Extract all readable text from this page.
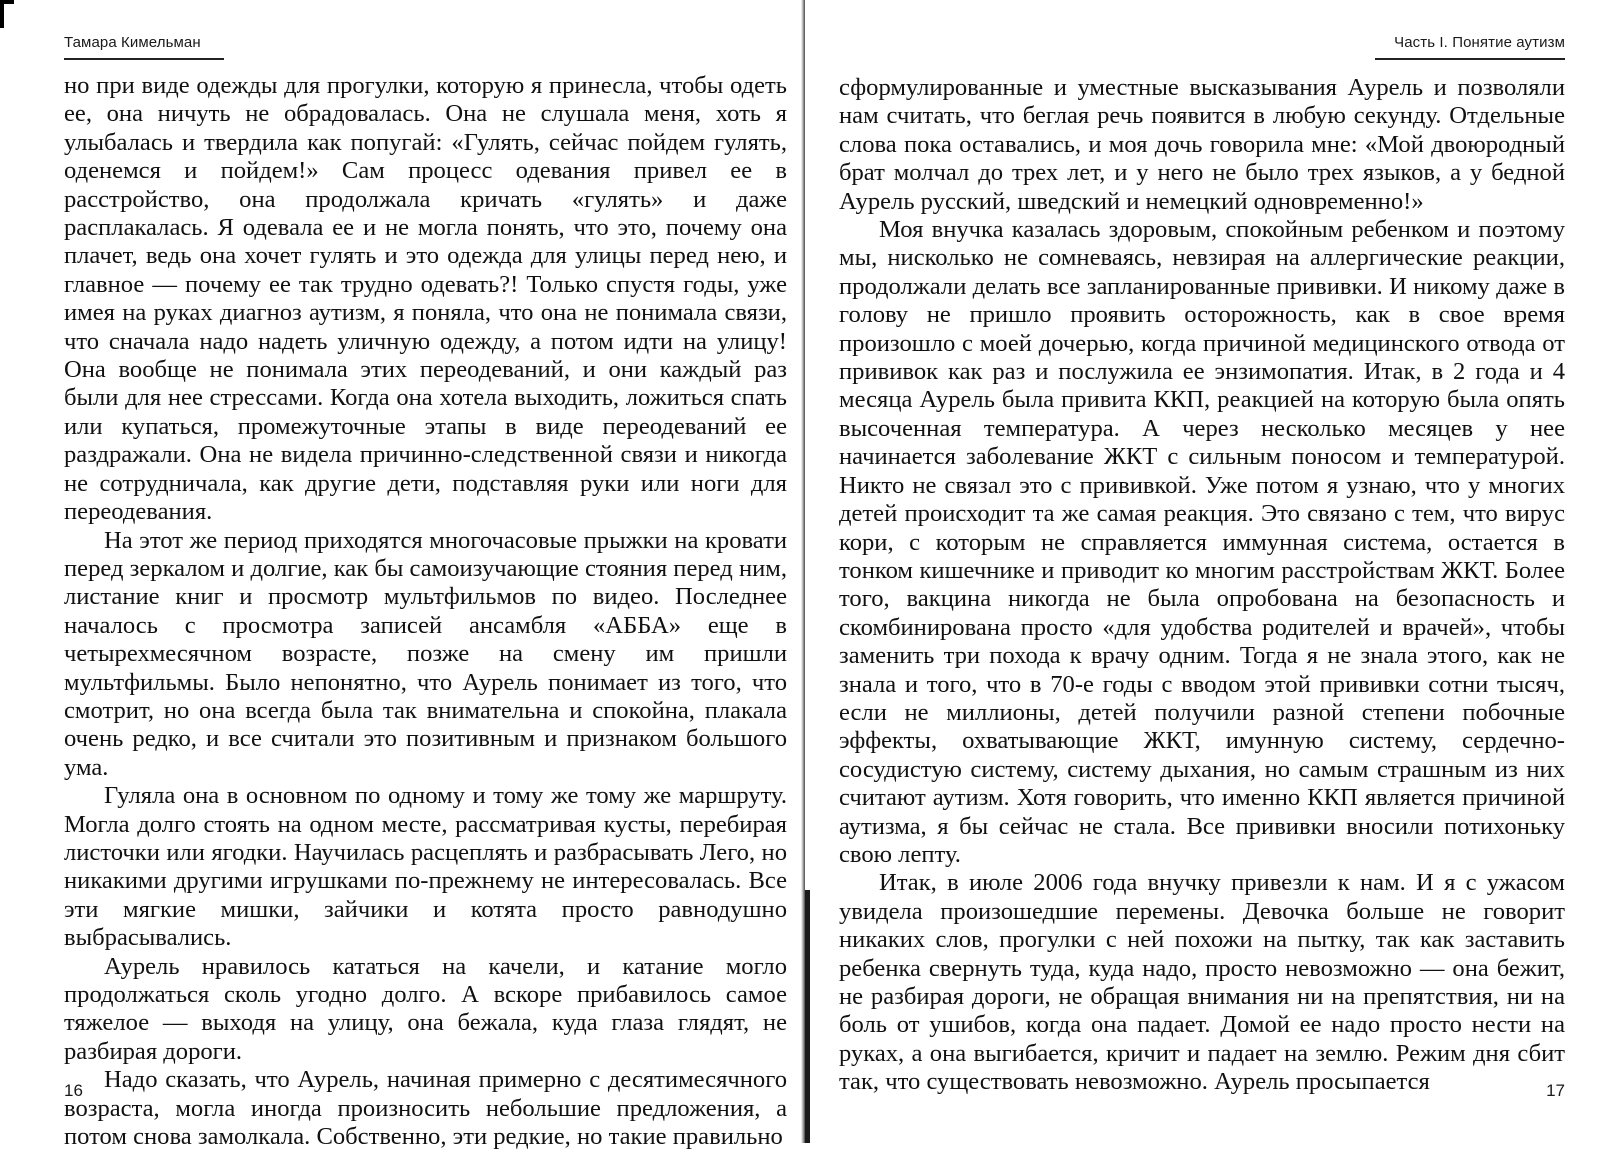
Тамара Кимельман

но при виде одежды для прогулки, которую я принесла, чтобы одеть ее, она ничуть не обрадовалась. Она не слушала меня, хоть я улыбалась и твердила как попугай: «Гулять, сейчас пойдем гулять, оденемся и пойдем!» Сам процесс одевания привел ее в расстройство, она продолжала кричать «гулять» и даже расплакалась. Я одевала ее и не могла понять, что это, почему она плачет, ведь она хочет гулять и это одежда для улицы перед нею, и главное — почему ее так трудно одевать?! Только спустя годы, уже имея на руках диагноз аутизм, я поняла, что она не понимала связи, что сначала надо надеть уличную одежду, а потом идти на улицу! Она вообще не понимала этих переодеваний, и они каждый раз были для нее стрессами. Когда она хотела выходить, ложиться спать или купаться, промежуточные этапы в виде переодеваний ее раздражали. Она не видела причинно-следственной связи и никогда не сотрудничала, как другие дети, подставляя руки или ноги для переодевания.

На этот же период приходятся многочасовые прыжки на кровати перед зеркалом и долгие, как бы самоизучающие стояния перед ним, листание книг и просмотр мультфильмов по видео. Последнее началось с просмотра записей ансамбля «АББА» еще в четырехмесячном возрасте, позже на смену им пришли мультфильмы. Было непонятно, что Аурель понимает из того, что смотрит, но она всегда была так внимательна и спокойна, плакала очень редко, и все считали это позитивным и признаком большого ума.

Гуляла она в основном по одному и тому же тому же маршруту. Могла долго стоять на одном месте, рассматривая кусты, перебирая листочки или ягодки. Научилась расцеплять и разбрасывать Лего, но никакими другими игрушками по-прежнему не интересовалась. Все эти мягкие мишки, зайчики и котята просто равнодушно выбрасывались.

Аурель нравилось кататься на качели, и катание могло продолжаться сколь угодно долго. А вскоре прибавилось самое тяжелое — выходя на улицу, она бежала, куда глаза глядят, не разбирая дороги.

Надо сказать, что Аурель, начиная примерно с десятимесячного возраста, могла иногда произносить небольшие предложения, а потом снова замолкала. Собственно, эти редкие, но такие правильно

16
Часть I. Понятие аутизм

сформулированные и уместные высказывания Аурель и позволяли нам считать, что беглая речь появится в любую секунду. Отдельные слова пока оставались, и моя дочь говорила мне: «Мой двоюродный брат молчал до трех лет, и у него не было трех языков, а у бедной Аурель русский, шведский и немецкий одновременно!»

Моя внучка казалась здоровым, спокойным ребенком и поэтому мы, нисколько не сомневаясь, невзирая на аллергические реакции, продолжали делать все запланированные прививки. И никому даже в голову не пришло проявить осторожность, как в свое время произошло с моей дочерью, когда причиной медицинского отвода от прививок как раз и послужила ее энзимопатия. Итак, в 2 года и 4 месяца Аурель была привита ККП, реакцией на которую была опять высоченная температура. А через несколько месяцев у нее начинается заболевание ЖКТ с сильным поносом и температурой. Никто не связал это с прививкой. Уже потом я узнаю, что у многих детей происходит та же самая реакция. Это связано с тем, что вирус кори, с которым не справляется иммунная система, остается в тонком кишечнике и приводит ко многим расстройствам ЖКТ. Более того, вакцина никогда не была опробована на безопасность и скомбинирована просто «для удобства родителей и врачей», чтобы заменить три похода к врачу одним. Тогда я не знала этого, как не знала и того, что в 70-е годы с вводом этой прививки сотни тысяч, если не миллионы, детей получили разной степени побочные эффекты, охватывающие ЖКТ, имунную систему, сердечно-сосудистую систему, систему дыхания, но самым страшным из них считают аутизм. Хотя говорить, что именно ККП является причиной аутизма, я бы сейчас не стала. Все прививки вносили потихоньку свою лепту.

Итак, в июле 2006 года внучку привезли к нам. И я с ужасом увидела произошедшие перемены. Девочка больше не говорит никаких слов, прогулки с ней похожи на пытку, так как заставить ребенка свернуть туда, куда надо, просто невозможно — она бежит, не разбирая дороги, не обращая внимания ни на препятствия, ни на боль от ушибов, когда она падает. Домой ее надо просто нести на руках, а она выгибается, кричит и падает на землю. Режим дня сбит так, что существовать невозможно. Аурель просыпается	17
